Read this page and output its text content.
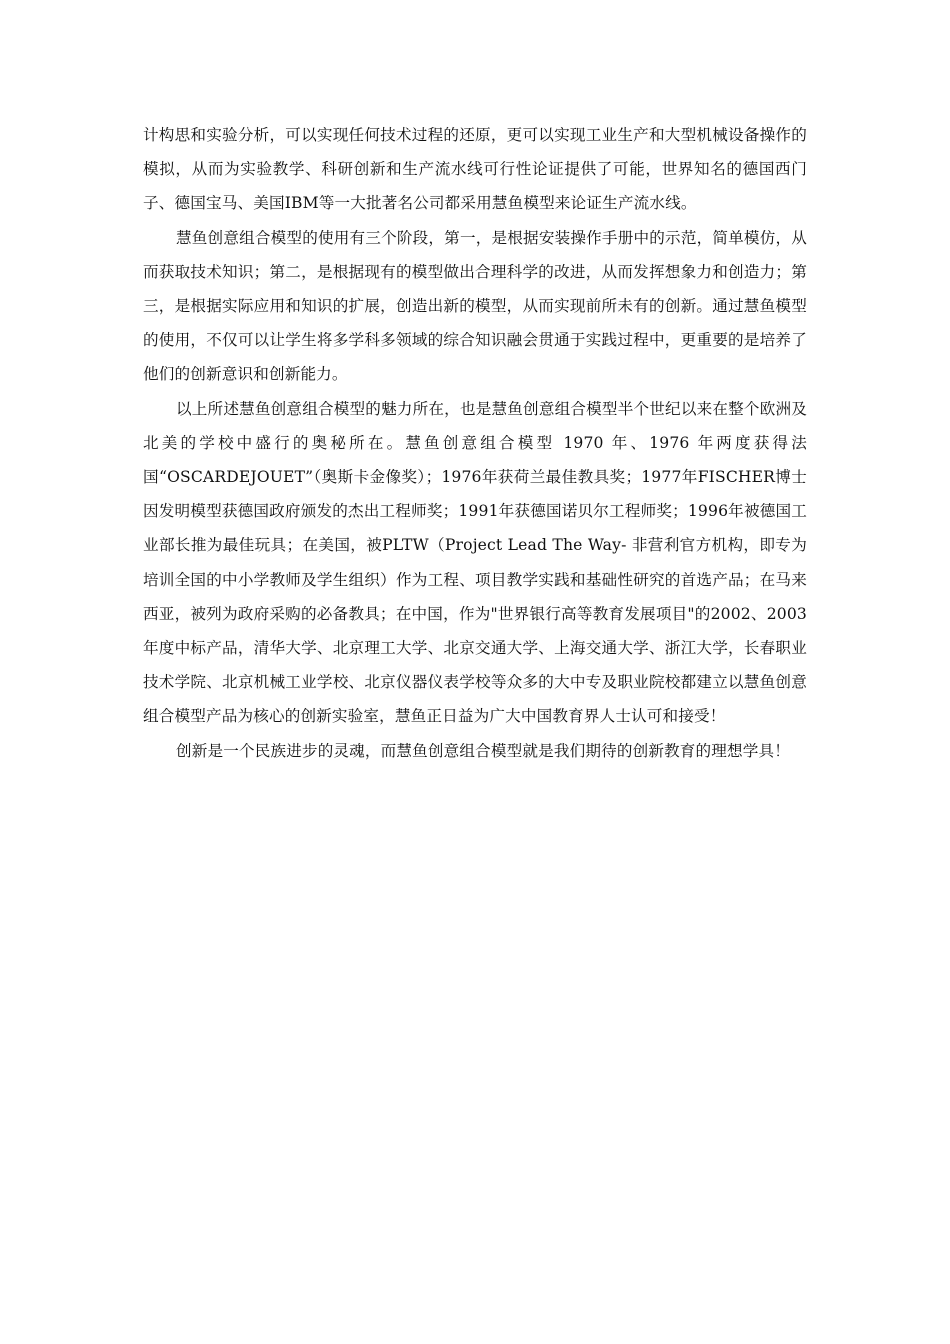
计构思和实验分析，可以实现任何技术过程的还原，更可以实现工业生产和大型机械设备操作的模拟，从而为实验教学、科研创新和生产流水线可行性论证提供了可能，世界知名的德国西门子、德国宝马、美国IBM等一大批著名公司都采用慧鱼模型来论证生产流水线。

慧鱼创意组合模型的使用有三个阶段，第一，是根据安装操作手册中的示范，简单模仿，从而获取技术知识；第二，是根据现有的模型做出合理科学的改进，从而发挥想象力和创造力；第三，是根据实际应用和知识的扩展，创造出新的模型，从而实现前所未有的创新。通过慧鱼模型的使用，不仅可以让学生将多学科多领域的综合知识融会贯通于实践过程中，更重要的是培养了他们的创新意识和创新能力。

以上所述慧鱼创意组合模型的魅力所在，也是慧鱼创意组合模型半个世纪以来在整个欧洲及北美的学校中盛行的奥秘所在。慧鱼创意组合模型 1970 年、1976 年两度获得法国“OSCARDEJOUET”（奥斯卡金像奖）；1976年获荷兰最佳教具奖；1977年FISCHER博士因发明模型获德国政府颁发的杰出工程师奖；1991年获德国诺贝尔工程师奖；1996年被德国工业部长推为最佳玩具；在美国，被PLTW（Project Lead The Way- 非营利官方机构，即专为培训全国的中小学教师及学生组织）作为工程、项目教学实践和基础性研究的首选产品；在马来西亚，被列为政府采购的必备教具；在中国，作为"世界银行高等教育发展项目"的2002、2003 年度中标产品，清华大学、北京理工大学、北京交通大学、上海交通大学、浙江大学，长春职业技术学院、北京机械工业学校、北京仪器仪表学校等众多的大中专及职业院校都建立以慧鱼创意组合模型产品为核心的创新实验室，慧鱼正日益为广大中国教育界人士认可和接受！

创新是一个民族进步的灵魂，而慧鱼创意组合模型就是我们期待的创新教育的理想学具！
